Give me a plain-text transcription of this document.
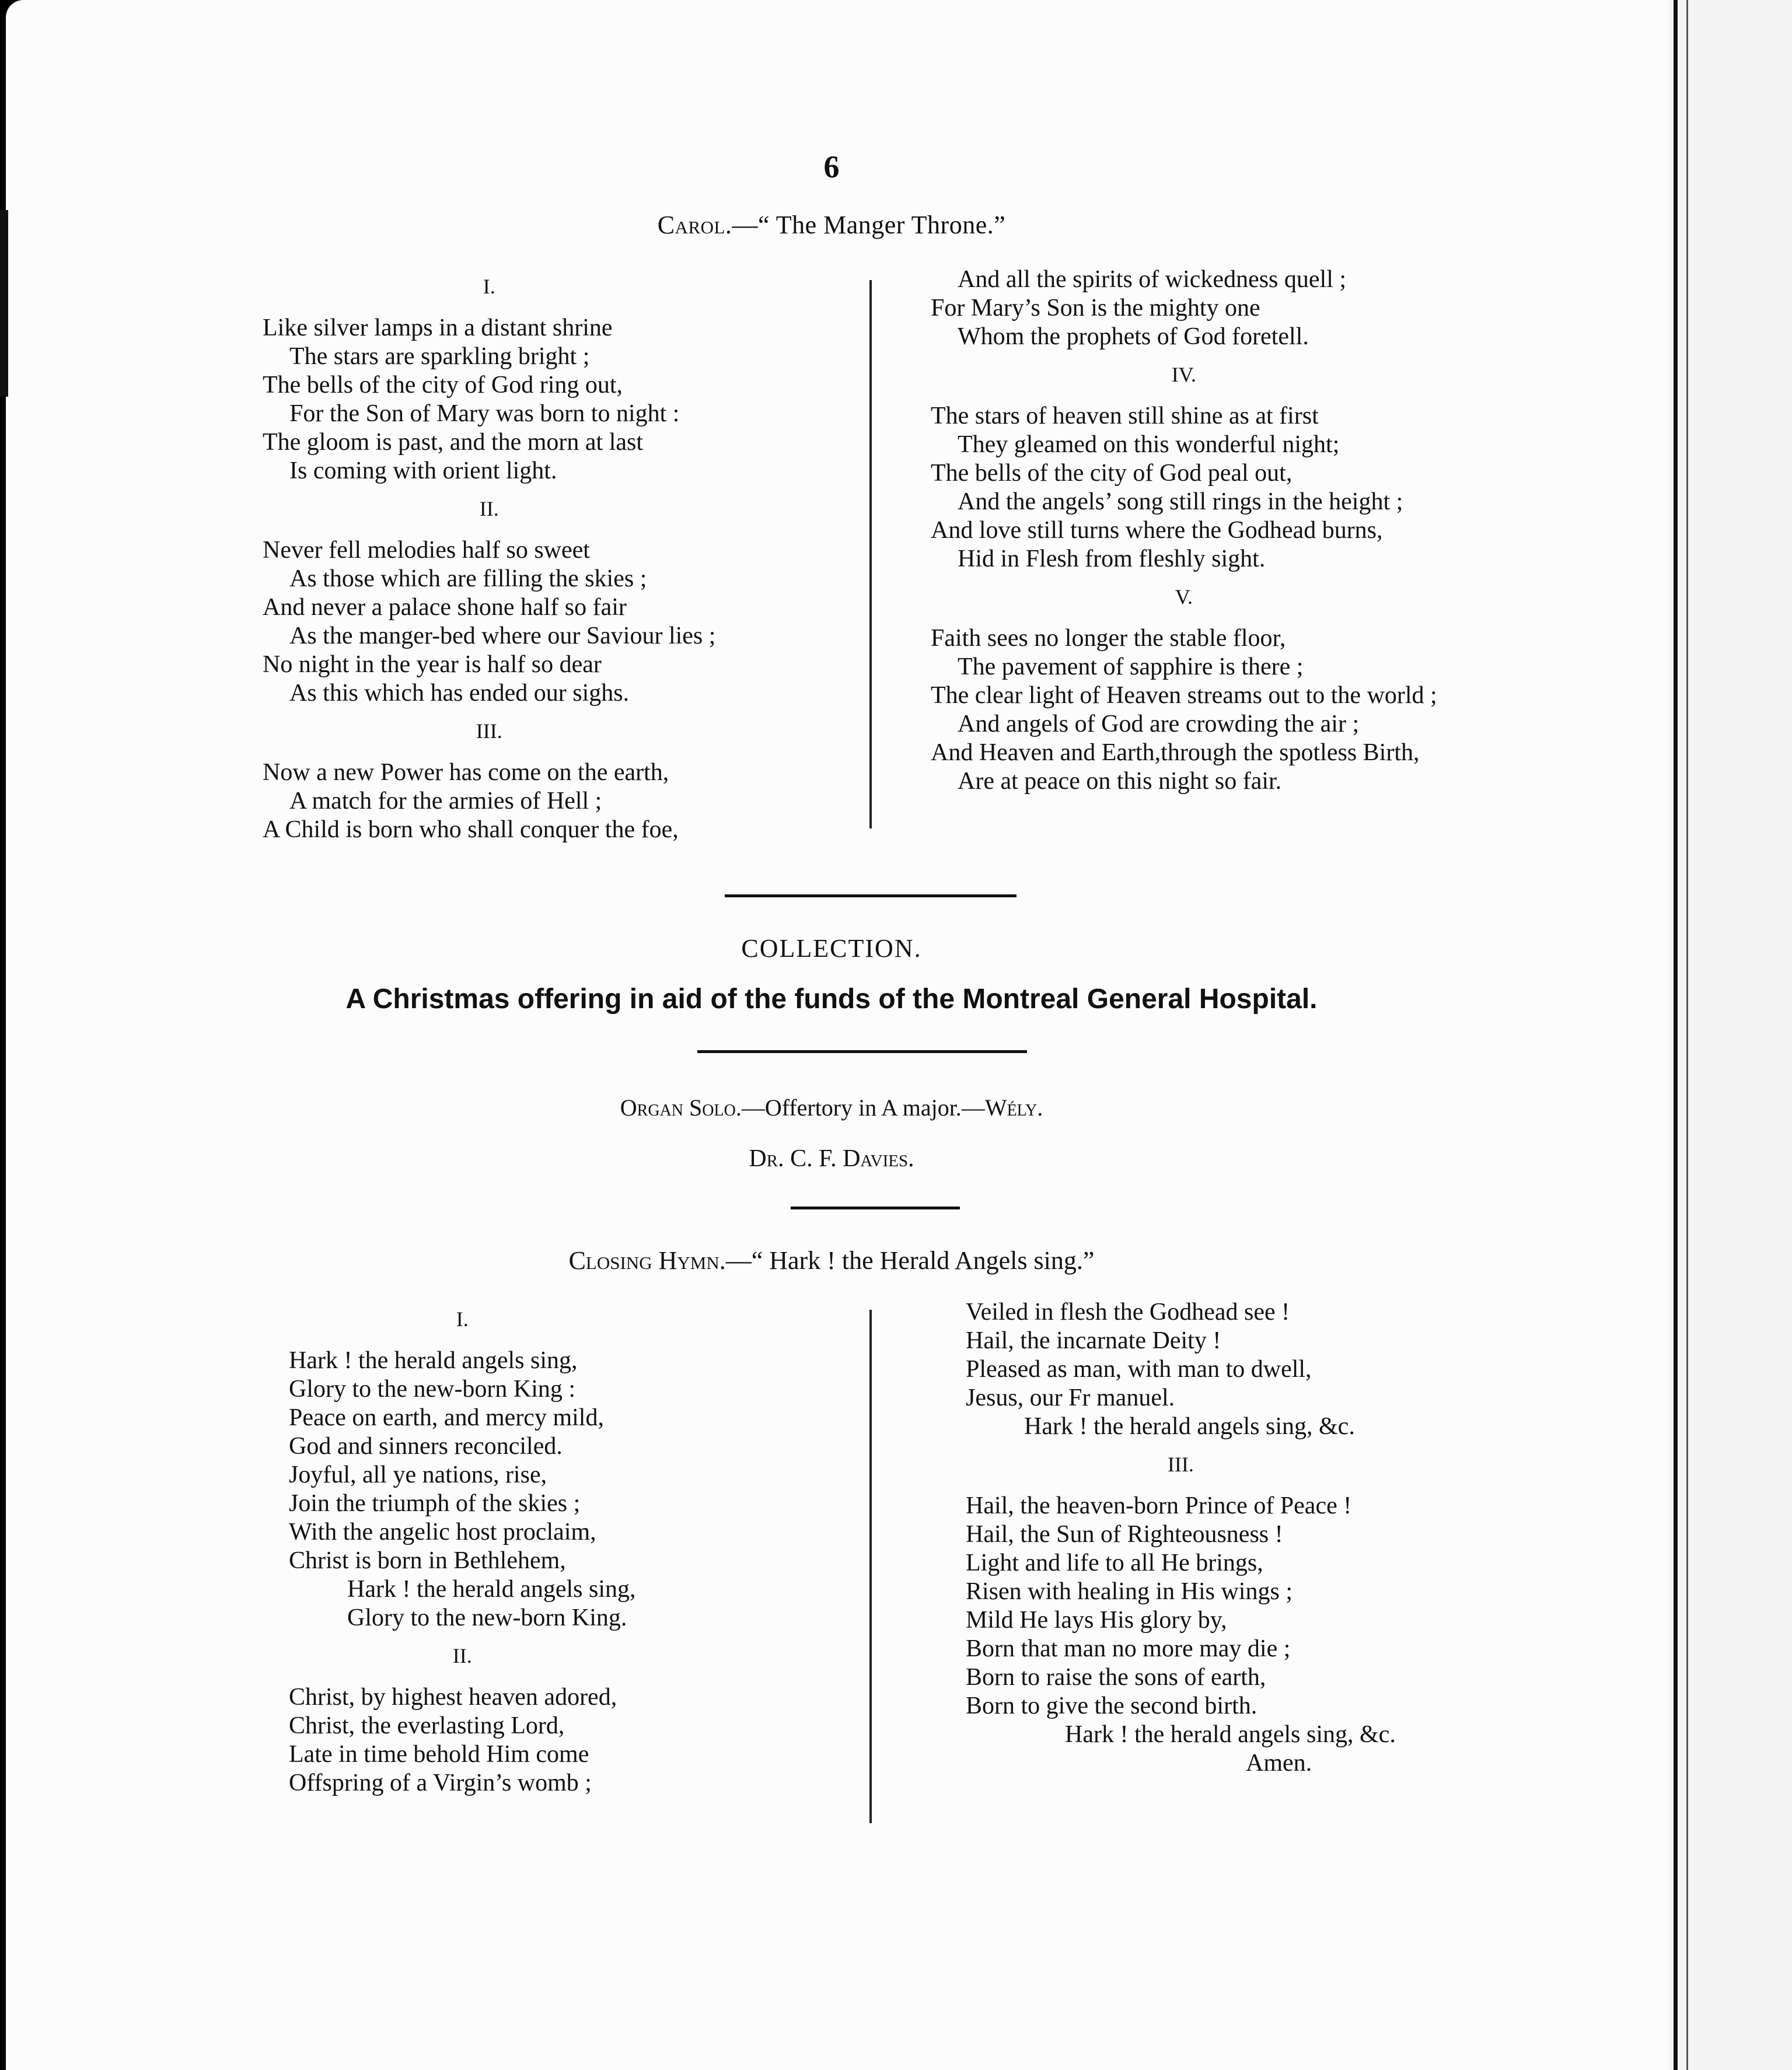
6
Carol.—“ The Manger Throne.”
I.
Like silver lamps in a distant shrine
The stars are sparkling bright ;
The bells of the city of God ring out,
For the Son of Mary was born to night :
The gloom is past, and the morn at last
Is coming with orient light.
II.
Never fell melodies half so sweet
As those which are filling the skies ;
And never a palace shone half so fair
As the manger-bed where our Saviour lies ;
No night in the year is half so dear
As this which has ended our sighs.
III.
Now a new Power has come on the earth,
A match for the armies of Hell ;
A Child is born who shall conquer the foe,
And all the spirits of wickedness quell ;
For Mary’s Son is the mighty one
Whom the prophets of God foretell.
IV.
The stars of heaven still shine as at first
They gleamed on this wonderful night;
The bells of the city of God peal out,
And the angels’ song still rings in the height ;
And love still turns where the Godhead burns,
Hid in Flesh from fleshly sight.
V.
Faith sees no longer the stable floor,
The pavement of sapphire is there ;
The clear light of Heaven streams out to the world ;
And angels of God are crowding the air ;
And Heaven and Earth,through the spotless Birth,
Are at peace on this night so fair.
COLLECTION.
A Christmas offering in aid of the funds of the Montreal General Hospital.
Organ Solo.—Offertory in A major.—Wély.
Dr. C. F. Davies.
Closing Hymn.—“ Hark ! the Herald Angels sing.”
I.
Hark ! the herald angels sing,
Glory to the new-born King :
Peace on earth, and mercy mild,
God and sinners reconciled.
Joyful, all ye nations, rise,
Join the triumph of the skies ;
With the angelic host proclaim,
Christ is born in Bethlehem,
Hark ! the herald angels sing,
Glory to the new-born King.
II.
Christ, by highest heaven adored,
Christ, the everlasting Lord,
Late in time behold Him come
Offspring of a Virgin’s womb ;
Veiled in flesh the Godhead see !
Hail, the incarnate Deity !
Pleased as man, with man to dwell,
Jesus, our Fr manuel.
Hark ! the herald angels sing, &c.
III.
Hail, the heaven-born Prince of Peace !
Hail, the Sun of Righteousness !
Light and life to all He brings,
Risen with healing in His wings ;
Mild He lays His glory by,
Born that man no more may die ;
Born to raise the sons of earth,
Born to give the second birth.
Hark ! the herald angels sing, &c.
Amen.
